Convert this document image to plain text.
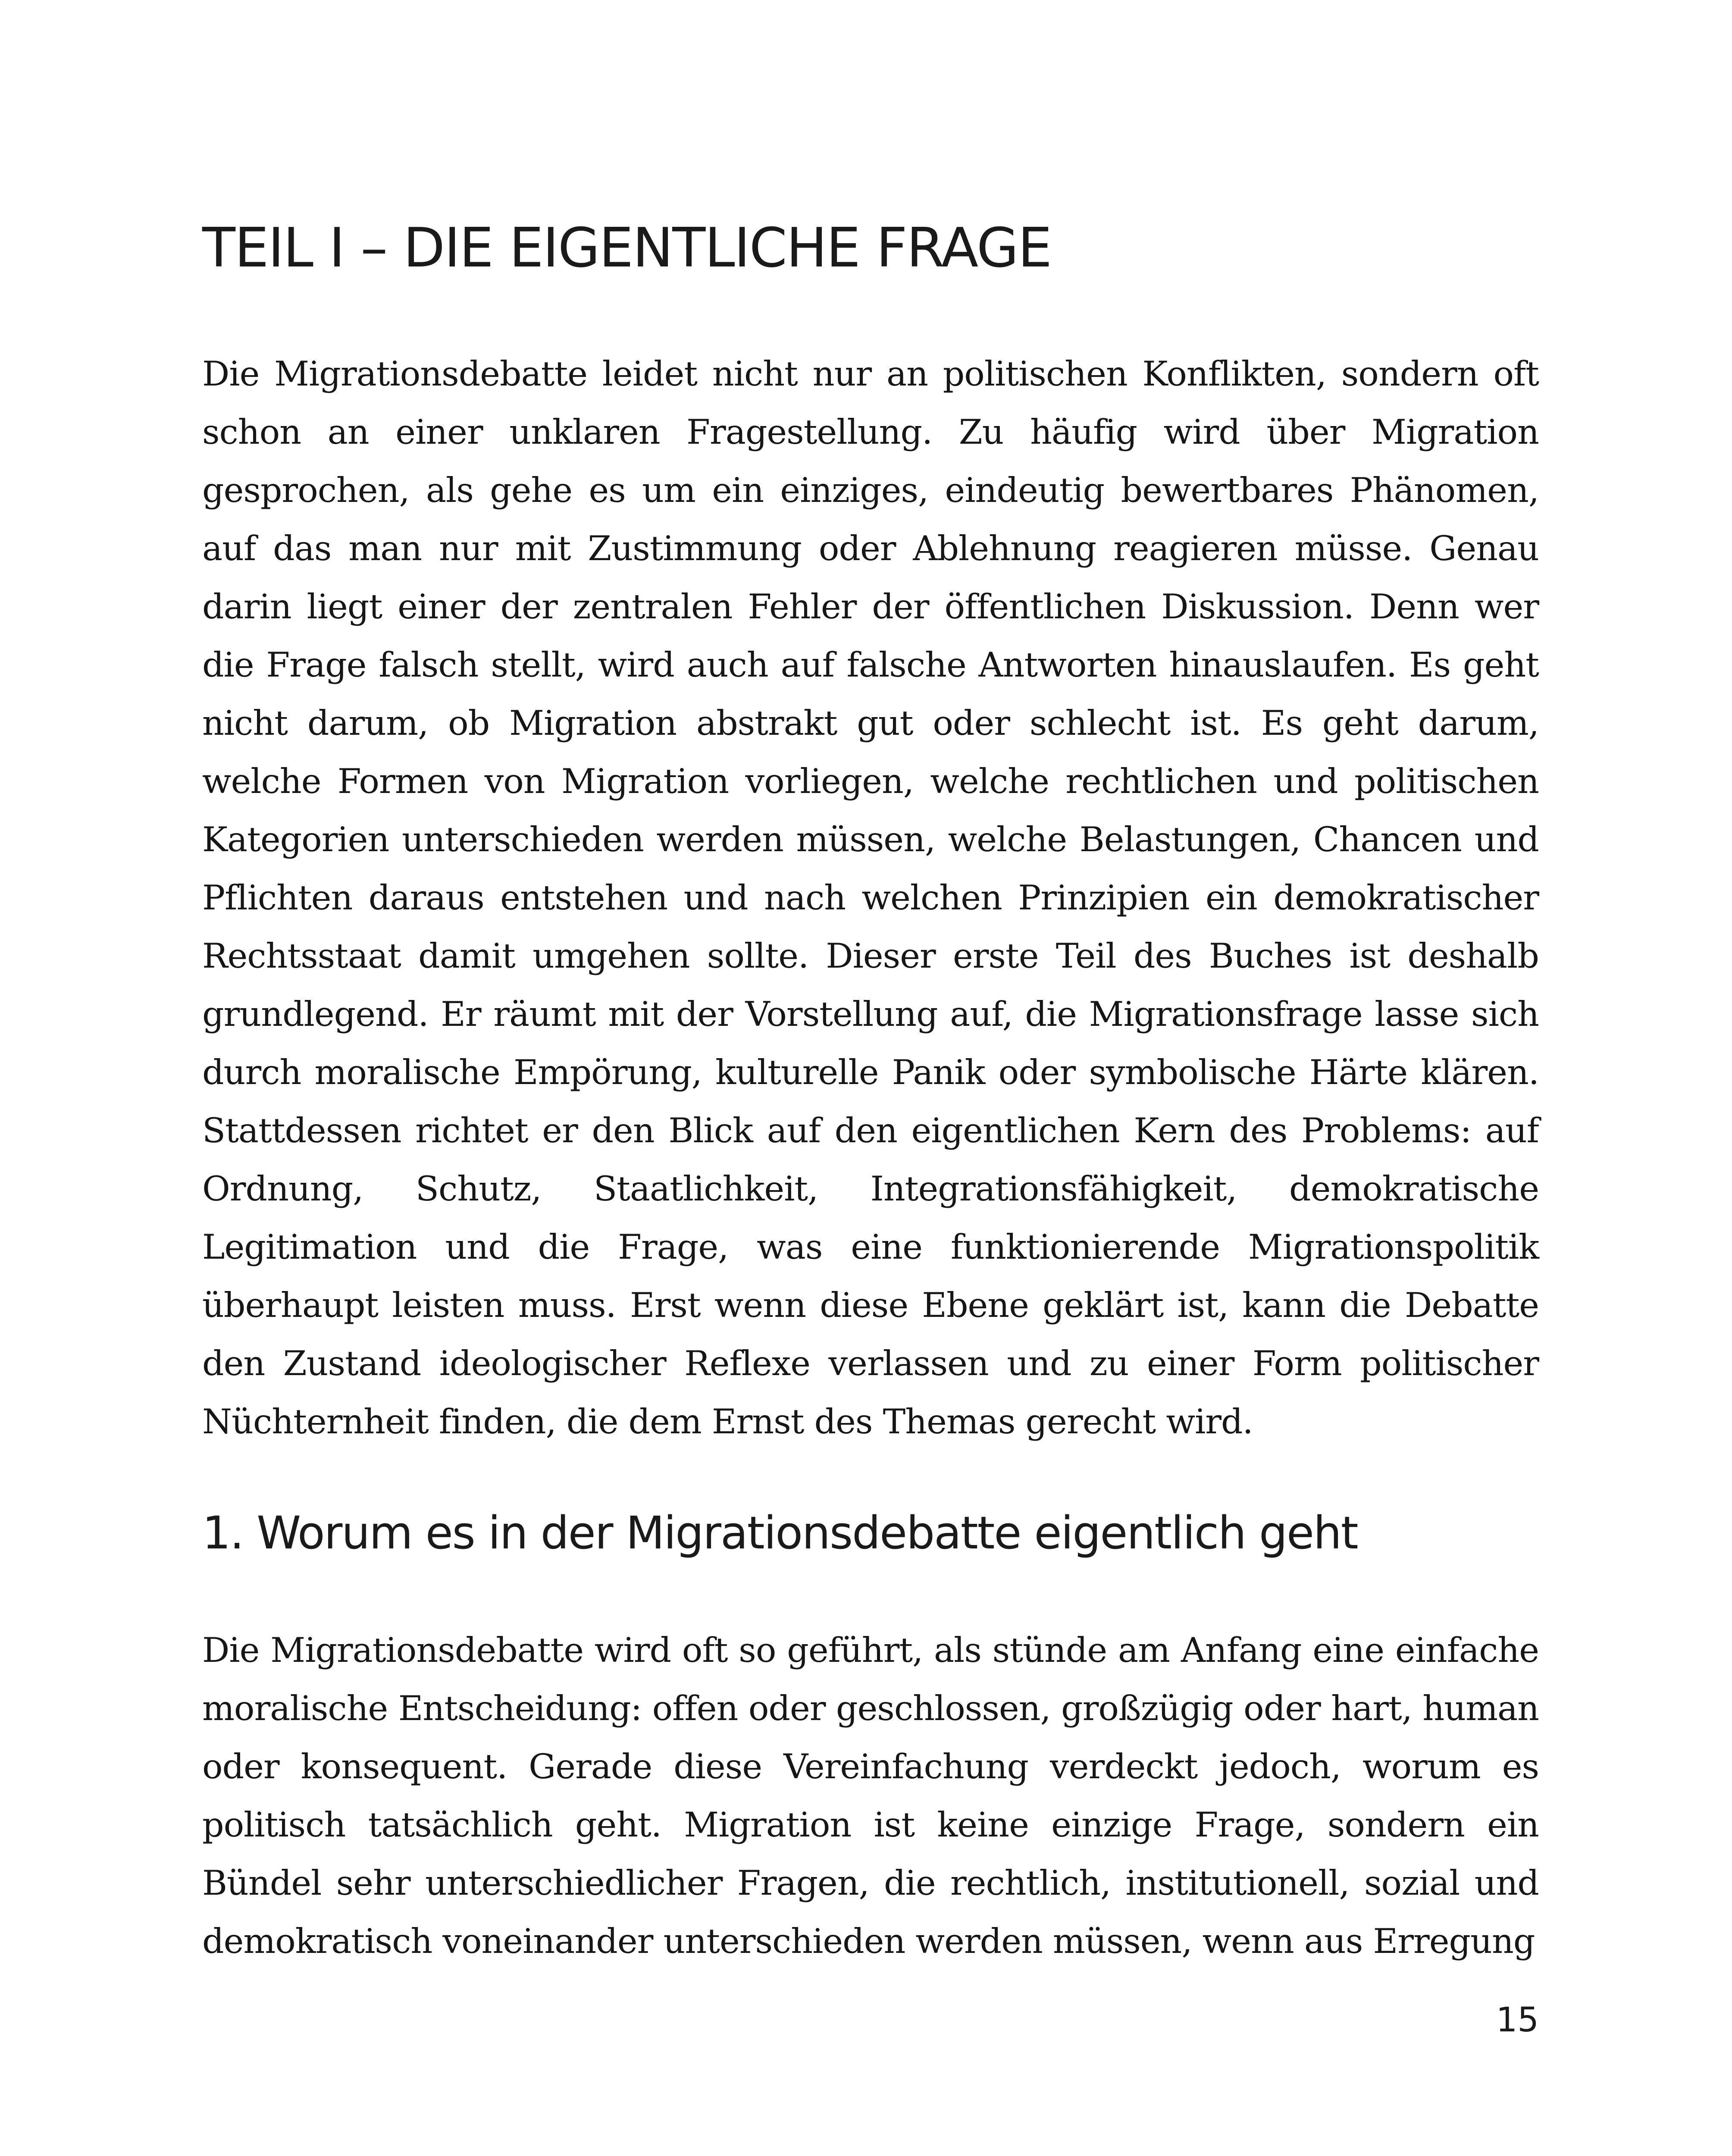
TEIL I – DIE EIGENTLICHE FRAGE

Die Migrationsdebatte leidet nicht nur an politischen Konflikten, sondern oft schon an einer unklaren Fragestellung. Zu häufig wird über Migration gesprochen, als gehe es um ein einziges, eindeutig bewertbares Phänomen, auf das man nur mit Zustimmung oder Ablehnung reagieren müsse. Genau darin liegt einer der zentralen Fehler der öffentlichen Diskussion. Denn wer die Frage falsch stellt, wird auch auf falsche Antworten hinauslaufen. Es geht nicht darum, ob Migration abstrakt gut oder schlecht ist. Es geht darum, welche Formen von Migration vorliegen, welche rechtlichen und politischen Kategorien unterschieden werden müssen, welche Belastungen, Chancen und Pflichten daraus entstehen und nach welchen Prinzipien ein demokratischer Rechtsstaat damit umgehen sollte. Dieser erste Teil des Buches ist deshalb grundlegend. Er räumt mit der Vorstellung auf, die Migrationsfrage lasse sich durch moralische Empörung, kulturelle Panik oder symbolische Härte klären. Stattdessen richtet er den Blick auf den eigentlichen Kern des Problems: auf Ordnung, Schutz, Staatlichkeit, Integrationsfähigkeit, demokratische Legitimation und die Frage, was eine funktionierende Migrationspolitik überhaupt leisten muss. Erst wenn diese Ebene geklärt ist, kann die Debatte den Zustand ideologischer Reflexe verlassen und zu einer Form politischer Nüchternheit finden, die dem Ernst des Themas gerecht wird.

1. Worum es in der Migrationsdebatte eigentlich geht

Die Migrationsdebatte wird oft so geführt, als stünde am Anfang eine einfache moralische Entscheidung: offen oder geschlossen, großzügig oder hart, human oder konsequent. Gerade diese Vereinfachung verdeckt jedoch, worum es politisch tatsächlich geht. Migration ist keine einzige Frage, sondern ein Bündel sehr unterschiedlicher Fragen, die rechtlich, institutionell, sozial und demokratisch voneinander unterschieden werden müssen, wenn aus Erregung

15
